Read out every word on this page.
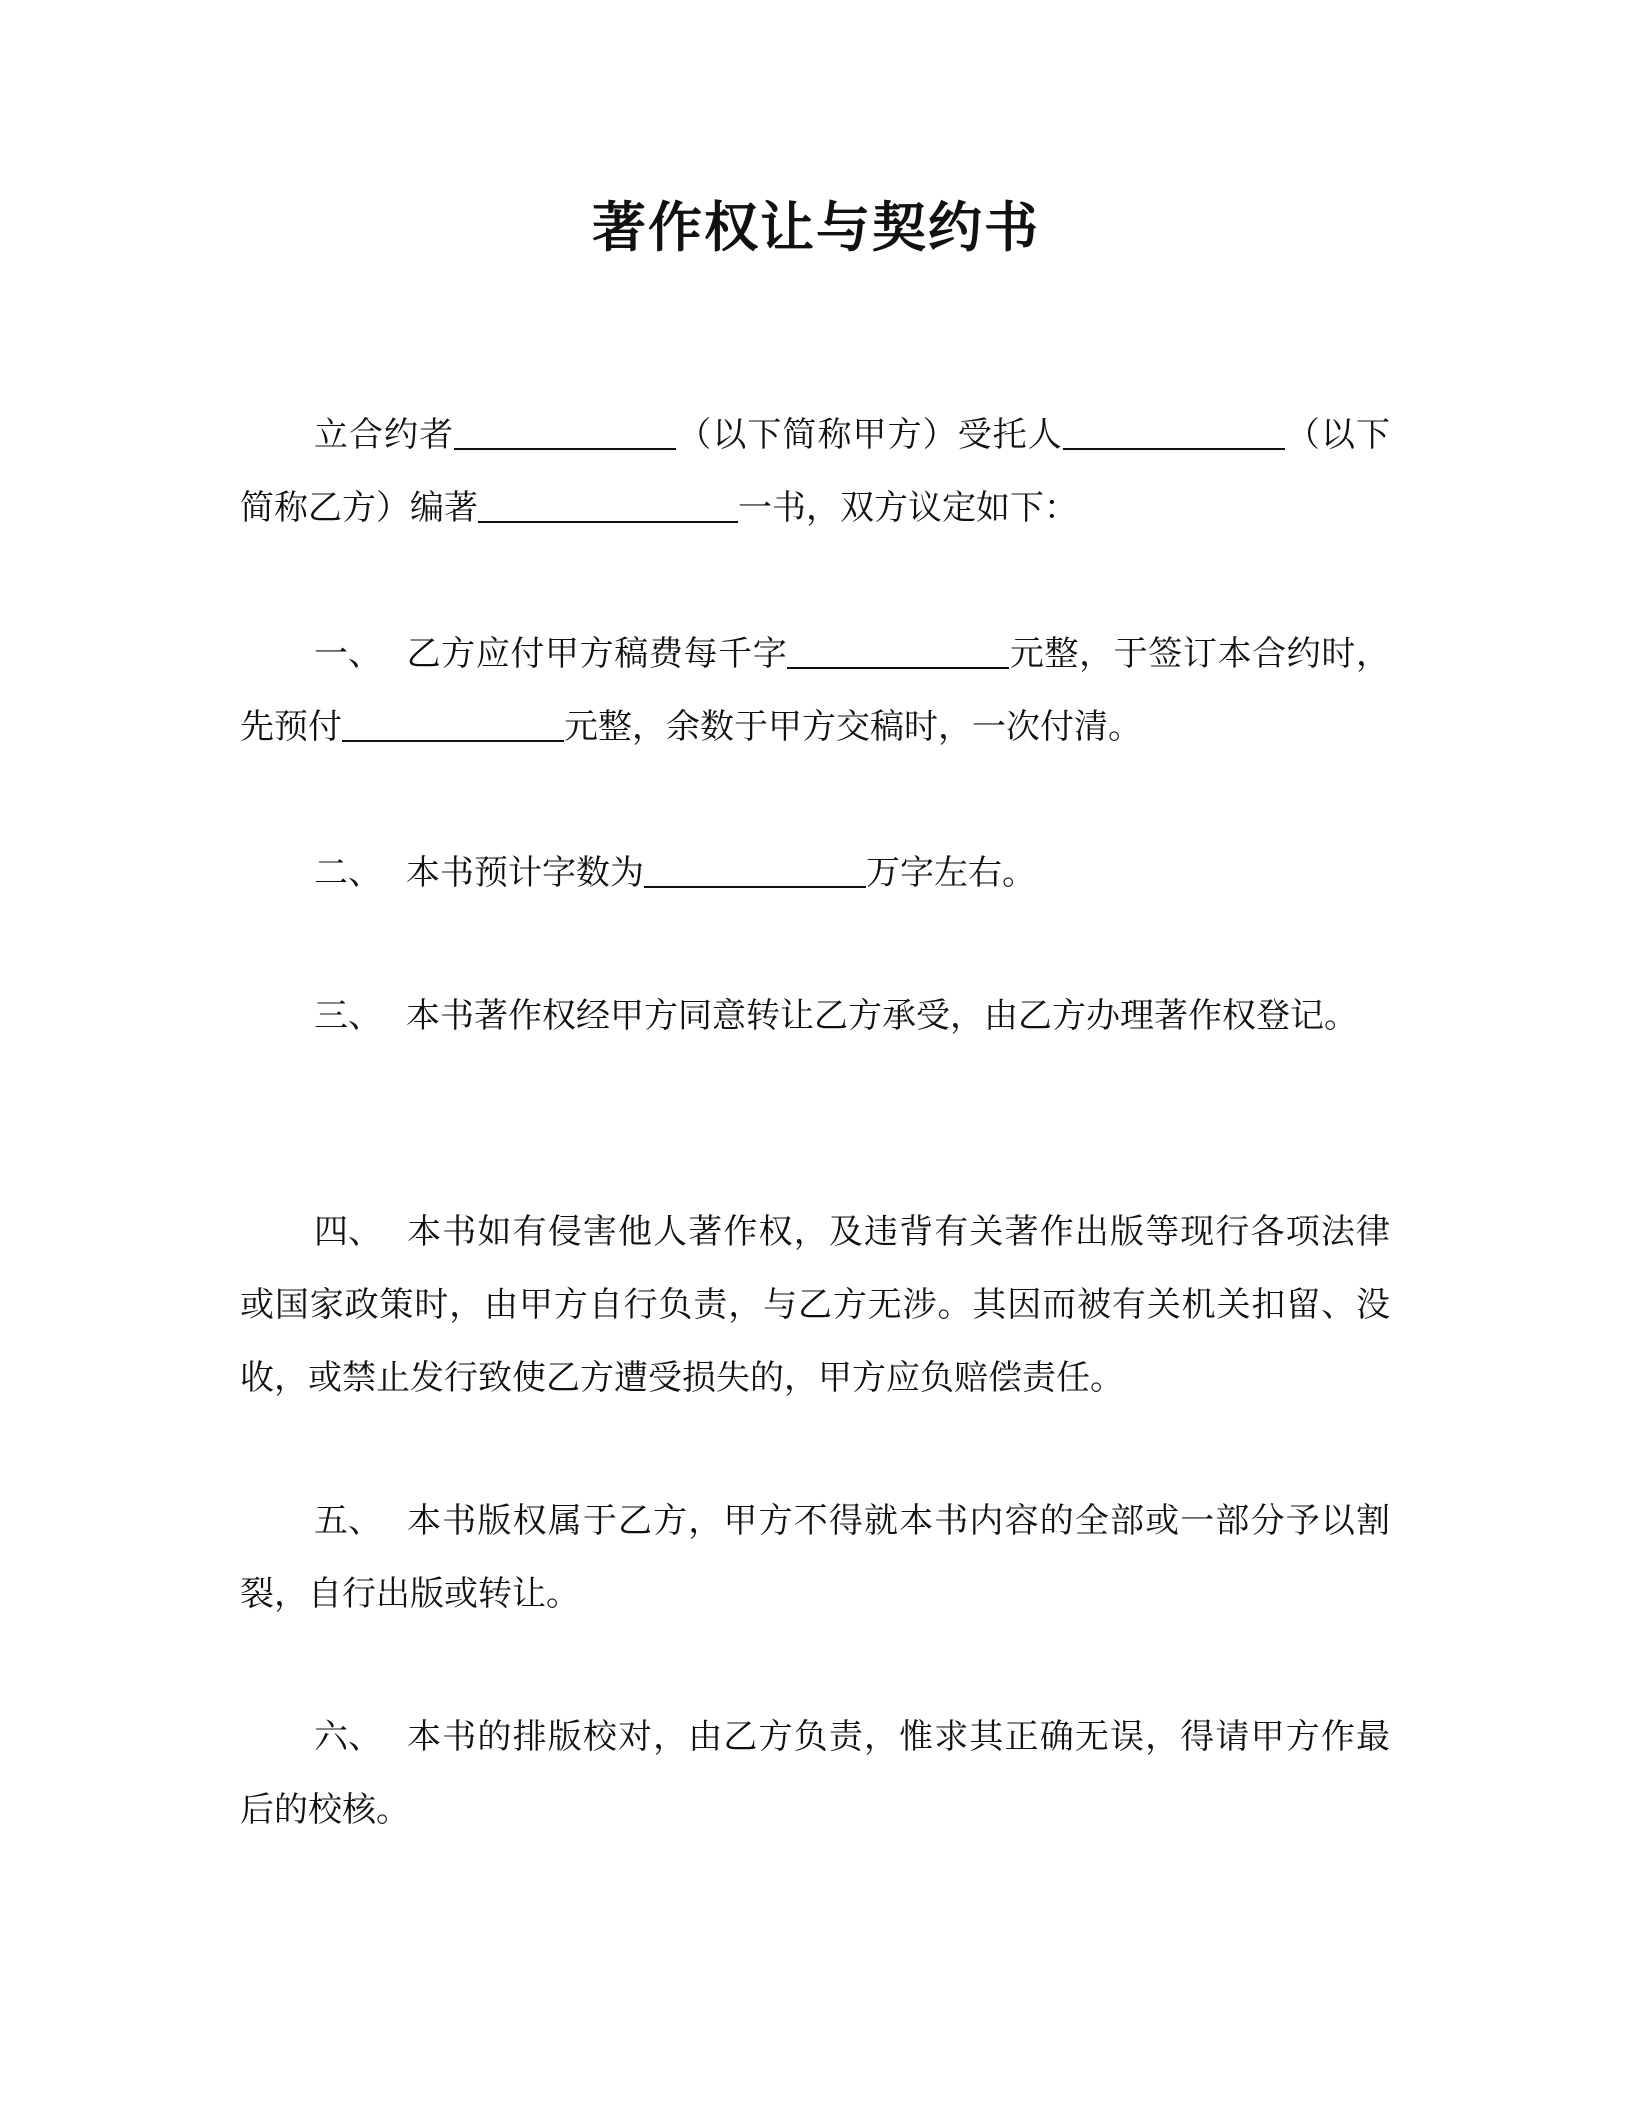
著作权让与契约书

立合约者	（以下简称甲方）受托人	（以下简称乙方）编著	一书，双方议定如下：

一、 乙方应付甲方稿费每千字	元整，于签订本合约时，先预付	元整，余数于甲方交稿时，一次付清。

二、 本书预计字数为	万字左右。

三、 本书著作权经甲方同意转让乙方承受，由乙方办理著作权登记。

四、 本书如有侵害他人著作权，及违背有关著作出版等现行各项法律或国家政策时，由甲方自行负责，与乙方无涉。其因而被有关机关扣留、没收，或禁止发行致使乙方遭受损失的，甲方应负赔偿责任。

五、 本书版权属于乙方，甲方不得就本书内容的全部或一部分予以割裂，自行出版或转让。

六、 本书的排版校对，由乙方负责，惟求其正确无误，得请甲方作最后的校核。
